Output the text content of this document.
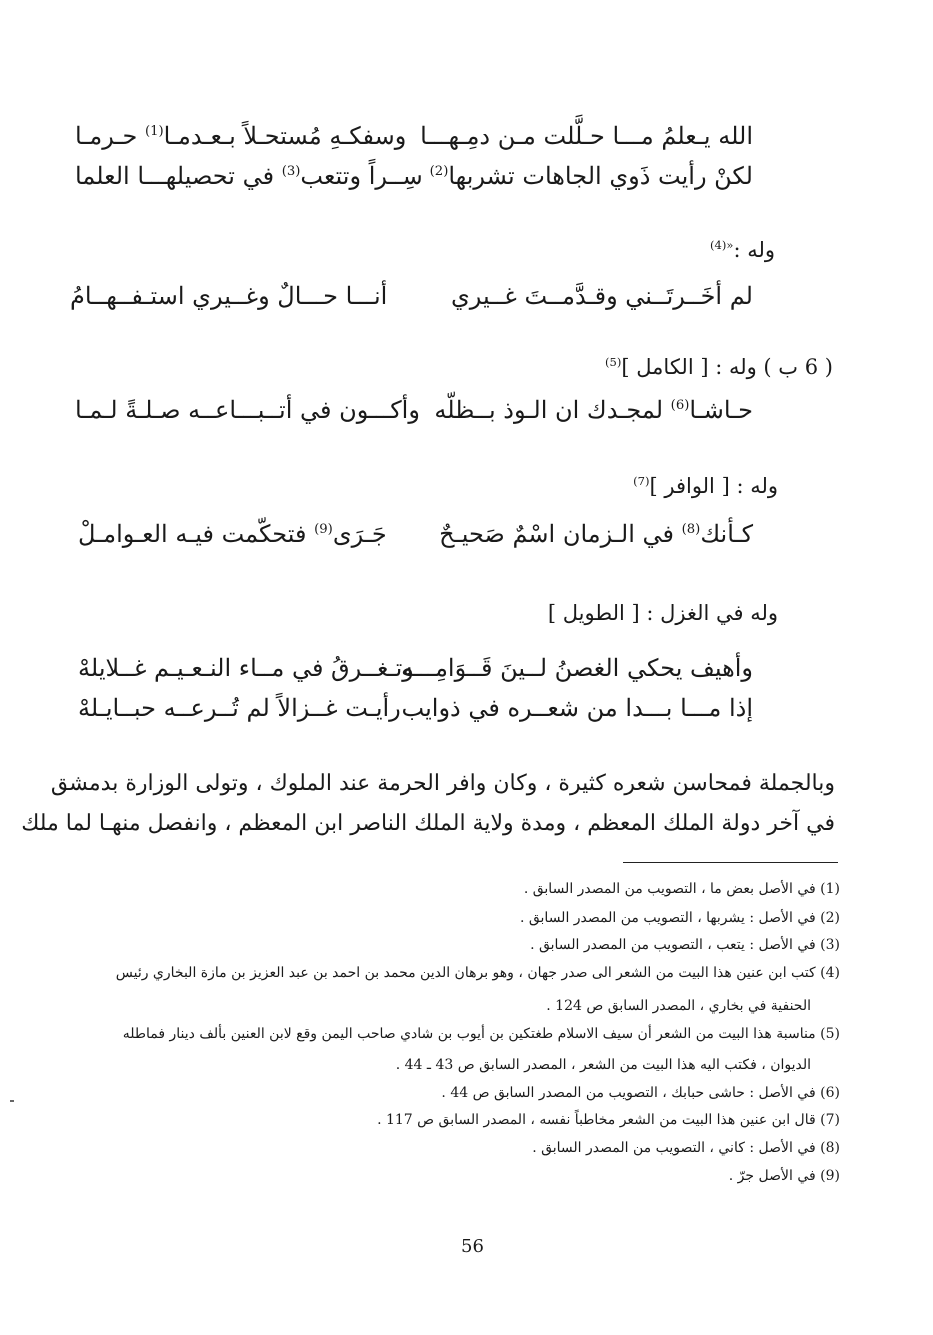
الله يـعلمُ مـــا حـلَّلت مـن دمِـهـــا
وسفكـهِ مُستحـلاً بـعـدمـا$^{(1)}$ حـرمـا
لكنْ رأيت ذَوي الجاهات تشربها$^{(2)}$
سِــراً وتتعب$^{(3)}$ في تحصيلهـــا العلما
وله :$^{«(4)}$
لم أخَــرتَــني وقـدَّمــتَ غــيري
أنـــا حـــالٌ وغــيري استـفــهــامُ
( 6 ب ) وله : [ الكامل ]$^{(5)}$
حـاشـا$^{(6)}$ لمجـدك ان الـوذ بــظلّه
وأكـــون في أتــبـــاعــه صـلـةً لـمـا
وله : [ الوافر ]$^{(7)}$
كـأنك$^{(8)}$ في الـزمان اسْمٌ صَحيـحٌ
جَـرَى$^{(9)}$ فتحكّمت فيـه العـوامـلْ
وله في الغزل : [ الطويل ]
وأهيف يحكي الغصنُ لــينَ قَــوَامِـــه
وتـغــرقُ في مــاء النـعـيـم غــلايلهْ
إذا مـــا بـــدا من شعــره في ذوايب
رأيـت غــزالاً لم تُــرعــه حبــايـلهْ
وبالجملة فمحاسن شعره كثيرة ، وكان وافر الحرمة عند الملوك ، وتولى الوزارة بدمشق
في آخر دولة الملك المعظم ، ومدة ولاية الملك الناصر ابن المعظم ، وانفصل منهـا لما ملك
(1) في الأصل بعض ما ، التصويب من المصدر السابق .
(2) في الأصل : يشربها ، التصويب من المصدر السابق .
(3) في الأصل : يتعب ، التصويب من المصدر السابق .
(4) كتب ابن عنين هذا البيت من الشعر الى صدر جهان ، وهو برهان الدين محمد بن احمد بن عبد العزيز بن مازة البخاري رئيس
الحنفية في بخاري ، المصدر السابق ص 124 .
(5) مناسبة هذا البيت من الشعر أن سيف الاسلام طغتكين بن أيوب بن شادي صاحب اليمن وقع لابن العنين بألف دينار فماطله
الديوان ، فكتب اليه هذا البيت من الشعر ، المصدر السابق ص 43 ـ 44 .
(6) في الأصل : حاشى حبابك ، التصويب من المصدر السابق ص 44 .
(7) قال ابن عنين هذا البيت من الشعر مخاطباً نفسه ، المصدر السابق ص 117 .
(8) في الأصل : كاني ، التصويب من المصدر السابق .
(9) في الأصل جرّ .
56
